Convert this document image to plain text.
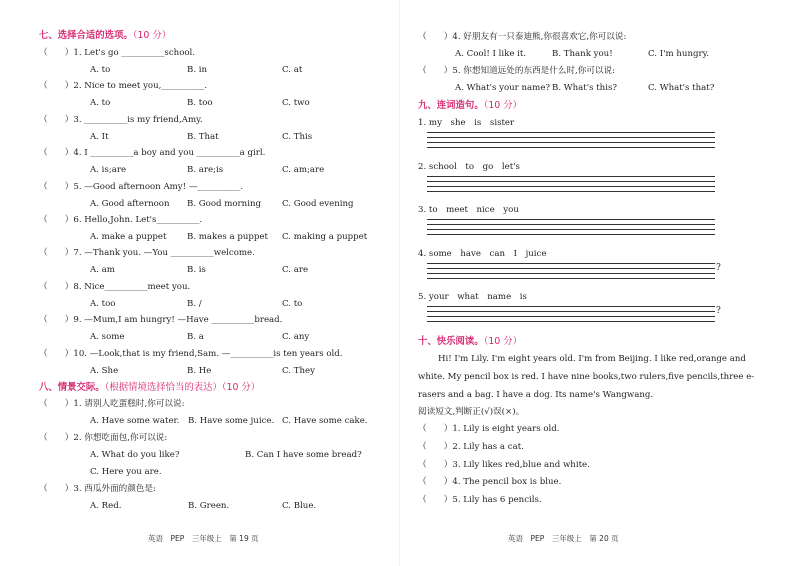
七、选择合适的选项。（10 分）
（　　）1. Let's go __________school.
A. to	B. in	C. at
（　　）2. Nice to meet you,__________.
A. to	B. too	C. two
（　　）3. __________is my friend,Amy.
A. It	B. That	C. This
（　　）4. I __________a boy and you __________a girl.
A. is;are	B. are;is	C. am;are
（　　）5. —Good afternoon Amy! —__________.
A. Good afternoon B. Good morning C. Good evening
（　　）6. Hello,John. Let's__________.
A. make a puppet B. makes a puppet C. making a puppet
（　　）7. —Thank you. —You __________welcome.
A. am	B. is	C. are
（　　）8. Nice__________meet you.
A. too	B. /	C. to
（　　）9. —Mum,I am hungry! —Have __________bread.
A. some	B. a	C. any
（　　）10. —Look,that is my friend,Sam. —__________is ten years old.
A. She	B. He	C. They
八、情景交际。（根据情境选择恰当的表达）（10 分）
（　　）1. 请别人吃蛋糕时,你可以说:
A. Have some water. B. Have some juice. C. Have some cake.
（　　）2. 你想吃面包,你可以说:
A. What do you like?	B. Can I have some bread?
C. Here you are.
（　　）3. 西瓜外面的颜色是:
A. Red.	B. Green.	C. Blue.
英语　PEP　三年级上　第 19 页
（　　）4. 好朋友有一只泰迪熊,你很喜欢它,你可以说:
A. Cool! I like it.	B. Thank you!	C. I'm hungry.
（　　）5. 你想知道远处的东西是什么时,你可以说:
A. What's your name? B. What's this?	C. What's that?
九、连词造句。（10 分）
1. my　she　is　sister
2. school　to　go　let's
3. to　meet　nice　you
4. some　have　can　I　juice
?
5. your　what　name　is
?
十、快乐阅读。（10 分）
Hi! I'm Lily. I'm eight years old. I'm from Beijing. I like red,orange and
white. My pencil box is red. I have nine books,two rulers,five pencils,three e-
rasers and a bag. I have a dog. Its name's Wangwang.
阅读短文,判断正(√)误(×)。
（　　）1. Lily is eight years old.
（　　）2. Lily has a cat.
（　　）3. Lily likes red,blue and white.
（　　）4. The pencil box is blue.
（　　）5. Lily has 6 pencils.
英语　PEP　三年级上　第 20 页
